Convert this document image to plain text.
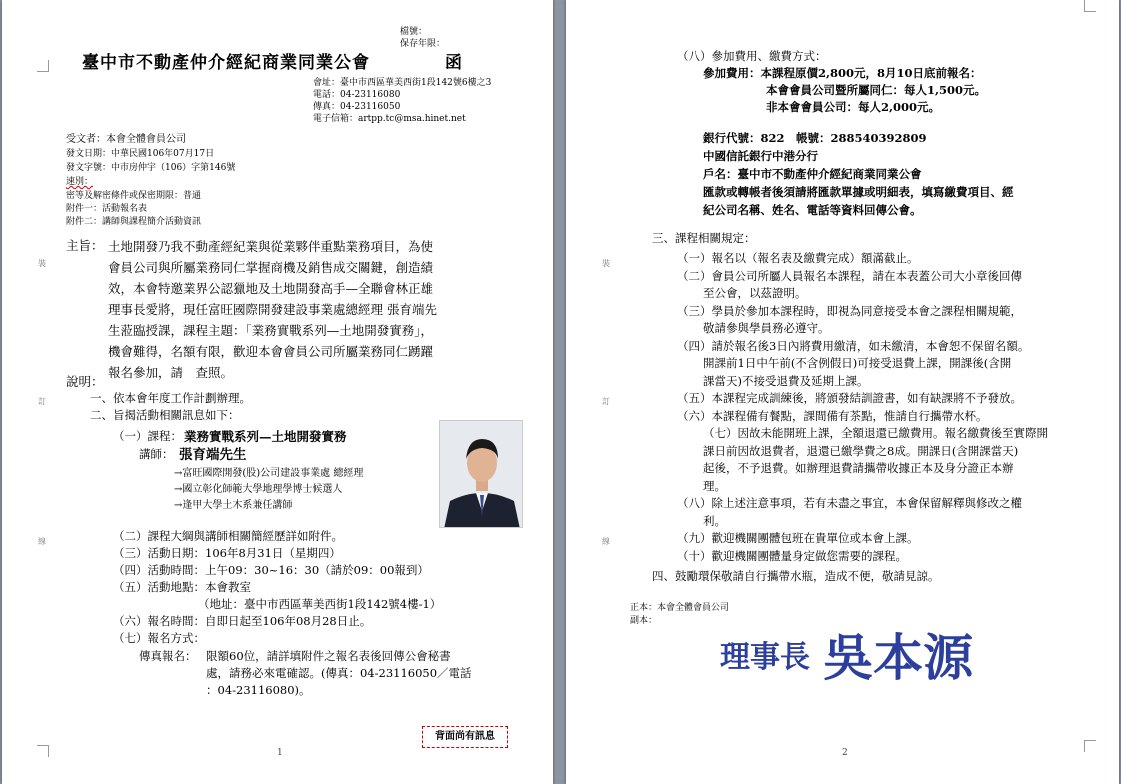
裝
訂
線
檔號：
保存年限：
臺中市不動產仲介經紀商業同業公會	函
會址：臺中市西區華美西街1段142號6樓之3
電話：04-23116080
傳真：04-23116050
電子信箱：artpp.tc@msa.hinet.net
受文者：本會全體會員公司
發文日期：中華民國106年07月17日
發文字號：中市房仲宇（106）字第146號
速別：
密等及解密條件或保密期限：普通
附件一：活動報名表
附件二：講師與課程簡介活動資訊
主旨： 土地開發乃我不動產經紀業與從業夥伴重點業務項目，為使
會員公司與所屬業務同仁掌握商機及銷售成交關鍵，創造績
效，本會特邀業界公認獵地及土地開發高手—全聯會林正雄
理事長愛將，現任富旺國際開發建設事業處總經理 張育端先
生蒞臨授課，課程主題：「業務實戰系列—土地開發實務」，
機會難得，名額有限，歡迎本會會員公司所屬業務同仁踴躍
報名參加，請　查照。
說明：
一、依本會年度工作計劃辦理。
二、旨揭活動相關訊息如下：
（一）課程： 業務實戰系列—土地開發實務
講師： 張育端先生
→富旺國際開發(股)公司建設事業處 總經理
→國立彰化師範大學地理學博士候選人
→逢甲大學土木系兼任講師
（二）課程大綱與講師相關簡經歷詳如附件。
（三）活動日期：106年8月31日（星期四）
（四）活動時間：上午09：30~16：30（請於09：00報到）
（五）活動地點：本會教室
（地址：臺中市西區華美西街1段142號4樓-1）
（六）報名時間：自即日起至106年08月28日止。
（七）報名方式：
傳真報名： 限額60位，請詳填附件之報名表後回傳公會秘書
處，請務必來電確認。(傳真：04-23116050／電話
：04-23116080)。
背面尚有訊息
1
裝
訂
線
（八）參加費用、繳費方式：
參加費用：本課程原價2,800元，8月10日底前報名：
本會會員公司暨所屬同仁：每人1,500元。
非本會會員公司：每人2,000元。
銀行代號：822　帳號：288540392809
中國信託銀行中港分行
戶名：臺中市不動產仲介經紀商業同業公會
匯款或轉帳者後須請將匯款單據或明細表，填寫繳費項目、經
紀公司名稱、姓名、電話等資料回傳公會。
三、課程相關規定：
（一）報名以（報名表及繳費完成）額滿截止。
（二）會員公司所屬人員報名本課程，請在本表蓋公司大小章後回傳
至公會，以茲證明。
（三）學員於參加本課程時，即視為同意接受本會之課程相關規範，
敬請參與學員務必遵守。
（四）請於報名後3日內將費用繳清，如未繳清，本會恕不保留名額。
開課前1日中午前(不含例假日)可接受退費上課，開課後(含開
課當天)不接受退費及延期上課。
（五）本課程完成訓練後，將頒發結訓證書，如有缺課將不予發放。
（六）本課程備有餐點，課間備有茶點，惟請自行攜帶水杯。
（七）因故未能開班上課，全額退還已繳費用。報名繳費後至實際開
課日前因故退費者，退還已繳學費之8成。開課日(含開課當天)
起後，不予退費。如辦理退費請攜帶收據正本及身分證正本辦
理。
（八）除上述注意事項，若有未盡之事宜，本會保留解釋與修改之權
利。
（九）歡迎機關團體包班在貴單位或本會上課。
（十）歡迎機關團體量身定做您需要的課程。
四、鼓勵環保敬請自行攜帶水瓶，造成不便，敬請見諒。
正本：本會全體會員公司
副本：
2
理事長 吳本源
